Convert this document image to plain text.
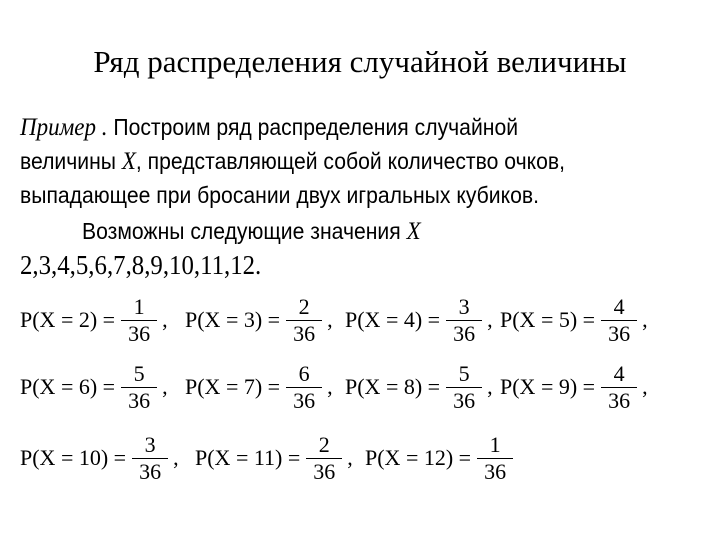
Ряд распределения случайной величины
Пример . Построим ряд распределения случайной
величины X, представляющей собой количество очков,
выпадающее при бросании двух игральных кубиков.
Возможны следующие значения X
2,3,4,5,6,7,8,9,10,11,12.
$P(X = 2) = \frac{1}{36}$ , $P(X = 3) = \frac{2}{36}$ , $P(X = 4) = \frac{3}{36}$ , $P(X = 5) = \frac{4}{36}$ ,
$P(X = 6) = \frac{5}{36}$ , $P(X = 7) = \frac{6}{36}$ , $P(X = 8) = \frac{5}{36}$ , $P(X = 9) = \frac{4}{36}$ ,
$P(X = 10) = \frac{3}{36}$ , $P(X = 11) = \frac{2}{36}$ , $P(X = 12) = \frac{1}{36}$
